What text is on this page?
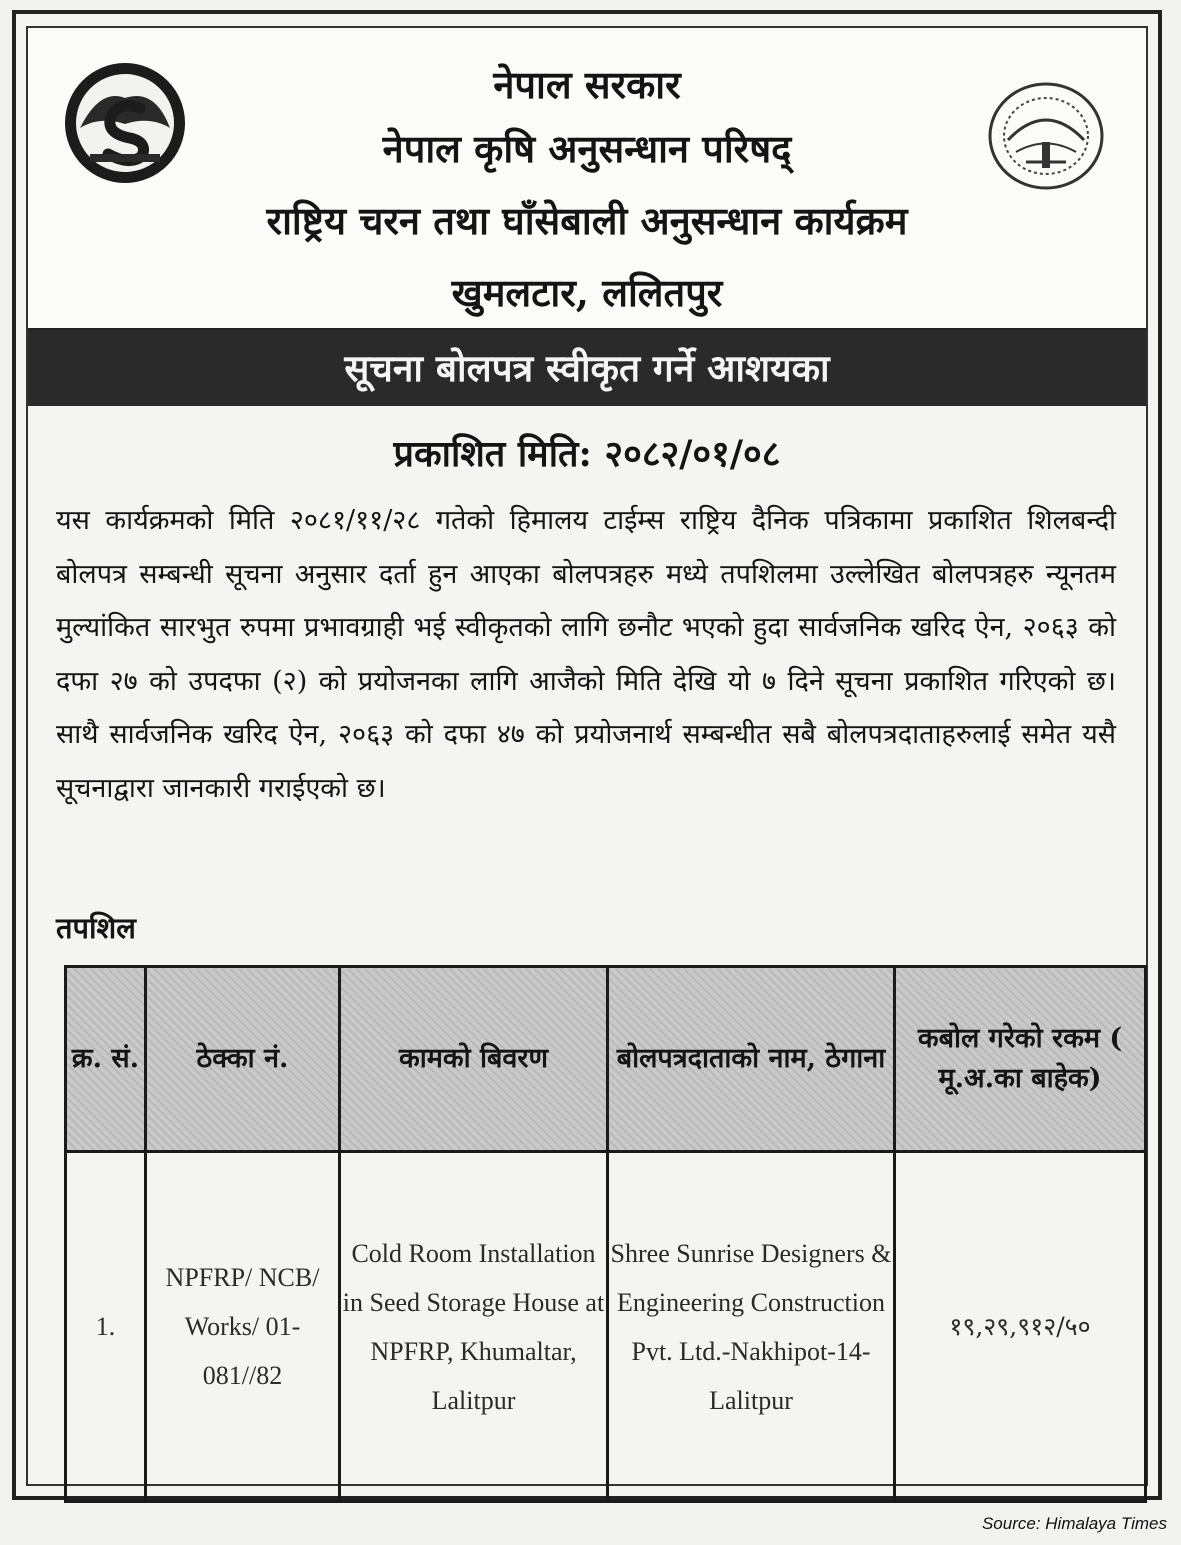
नेपाल सरकार
नेपाल कृषि अनुसन्धान परिषद्
राष्ट्रिय चरन तथा घाँसेबाली अनुसन्धान कार्यक्रम
खुमलटार, ललितपुर
सूचना बोलपत्र स्वीकृत गर्ने आशयका
प्रकाशित मिति: २०८२/०१/०८
यस कार्यक्रमको मिति २०८१/११/२८ गतेको हिमालय टाईम्स राष्ट्रिय दैनिक पत्रिकामा प्रकाशित शिलबन्दी बोलपत्र सम्बन्धी सूचना अनुसार दर्ता हुन आएका बोलपत्रहरु मध्ये तपशिलमा उल्लेखित बोलपत्रहरु न्यूनतम मुल्यांकित सारभुत रुपमा प्रभावग्राही भई स्वीकृतको लागि छनौट भएको हुदा सार्वजनिक खरिद ऐन, २०६३ को दफा २७ को उपदफा (२) को प्रयोजनका लागि आजैको मिति देखि यो ७ दिने सूचना प्रकाशित गरिएको छ। साथै सार्वजनिक खरिद ऐन, २०६३ को दफा ४७ को प्रयोजनार्थ सम्बन्धीत सबै बोलपत्रदाताहरुलाई समेत यसै सूचनाद्वारा जानकारी गराईएको छ।
तपशिल
क्र. सं.	ठेक्का नं.	कामको बिवरण	बोलपत्रदाताको नाम, ठेगाना	कबोल गरेको रकम ( मू.अ.का बाहेक)
1.	NPFRP/ NCB/ Works/ 01-081//82	Cold Room Installation in Seed Storage House at NPFRP, Khumaltar, Lalitpur	Shree Sunrise Designers & Engineering Construction Pvt. Ltd.-Nakhipot-14-Lalitpur	१९,२९,९१२/५०
Source: Himalaya Times
